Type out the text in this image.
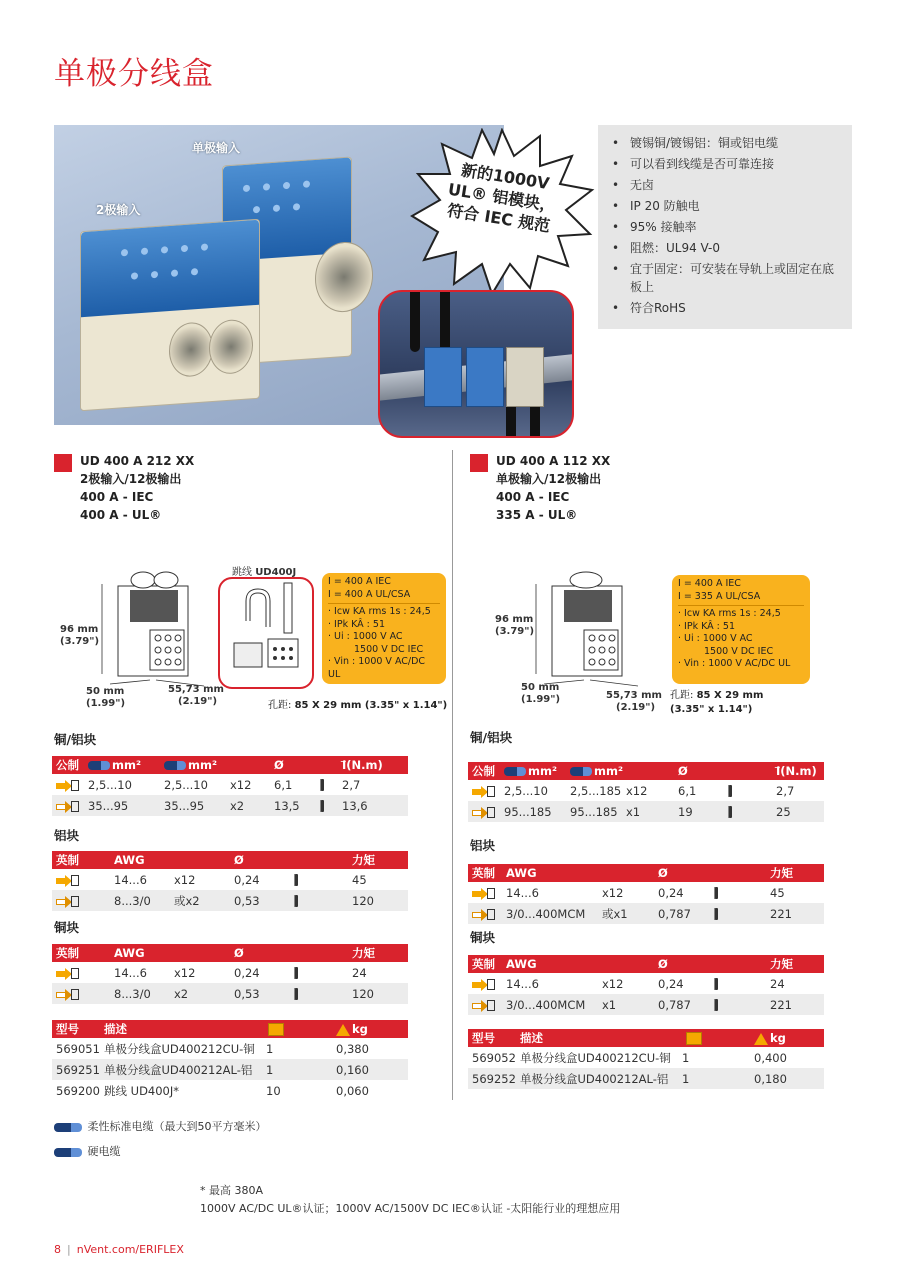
单极分线盒
单极输入
2极输入
新的1000V UL® 铝模块，符合 IEC 规范
• 镀锡铜/镀锡铝：铜或铝电缆
• 可以看到线缆是否可靠连接
• 无卤
• IP 20 防触电
• 95% 接触率
• 阻燃：UL94 V-0
• 宜于固定：可安装在导轨上或固定在底板上
• 符合RoHS
UD 400 A 212 XX
2极输入/12极输出
400 A - IEC
400 A - UL®
96 mm
(3.79")
50 mm
(1.99")
55,73 mm
(2.19")
跳线 UD400J
I = 400 A IEC
I = 400 A UL/CSA
· Icw KA rms 1s : 24,5
· IPk KÂ : 51
· Ui : 1000 V AC
1500 V DC IEC
· Vin : 1000 V AC/DC UL
孔距: 85 X 29 mm (3.35" x 1.14")
铜/铝块
公制	mm²	mm²		Ø		Ι⃗(N.m)

	2,5...10	2,5...10	x12	6,1		2,7

	35...95	35...95	x2	13,5		13,6
铝块
英制	AWG		Ø		力矩

	14...6	x12	0,24		45

	8...3/0	或x2	0,53		120
铜块
英制	AWG		Ø		力矩

	14...6	x12	0,24		24

	8...3/0	x2	0,53		120
型号	描述		kg
569051	单极分线盒UD400212CU-铜	1	0,380
569251	单极分线盒UD400212AL-铝	1	0,160
569200	跳线 UD400J*	10	0,060
柔性标准电缆（最大到50平方毫米）
硬电缆
UD 400 A 112 XX
单极输入/12极输出
400 A - IEC
335 A - UL®
96 mm
(3.79")
50 mm
(1.99")	55,73 mm
(2.19")
I = 400 A IEC
I = 335 A UL/CSA
· Icw KA rms 1s : 24,5
· IPk KÂ : 51
· Ui : 1000 V AC
1500 V DC IEC
· Vin : 1000 V AC/DC UL
孔距: 85 X 29 mm
(3.35" x 1.14")
铜/铝块
公制	mm²	mm²		Ø		Ι⃗(N.m)

	2,5...10	2,5...185	x12	6,1		2,7

	95...185	95...185	x1	19		25
铝块
英制	AWG		Ø		力矩

	14...6	x12	0,24		45

	3/0...400MCM	或x1	0,787		221
铜块
英制	AWG		Ø		力矩

	14...6	x12	0,24		24

	3/0...400MCM	x1	0,787		221
型号	描述		kg
569052	单极分线盒UD400212CU-铜	1	0,400
569252	单极分线盒UD400212AL-铝	1	0,180
* 最高 380A
1000V AC/DC UL®认证；1000V AC/1500V DC IEC®认证 -太阳能行业的理想应用
8 | nVent.com/ERIFLEX
